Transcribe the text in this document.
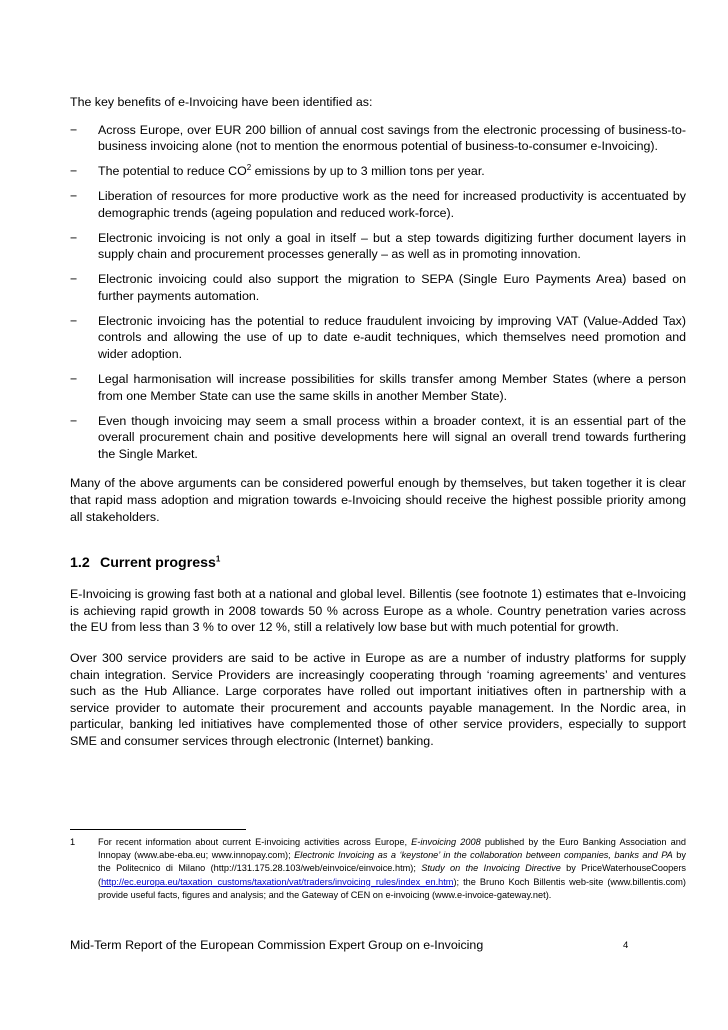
The key benefits of e-Invoicing have been identified as:

− Across Europe, over EUR 200 billion of annual cost savings from the electronic processing of business-to-business invoicing alone (not to mention the enormous potential of business-to-consumer e-Invoicing).
− The potential to reduce $CO^2$ emissions by up to 3 million tons per year.
− Liberation of resources for more productive work as the need for increased productivity is accentuated by demographic trends (ageing population and reduced work-force).
− Electronic invoicing is not only a goal in itself – but a step towards digitizing further document layers in supply chain and procurement processes generally – as well as in promoting innovation.
− Electronic invoicing could also support the migration to SEPA (Single Euro Payments Area) based on further payments automation.
− Electronic invoicing has the potential to reduce fraudulent invoicing by improving VAT (Value-Added Tax) controls and allowing the use of up to date e-audit techniques, which themselves need promotion and wider adoption.
− Legal harmonisation will increase possibilities for skills transfer among Member States (where a person from one Member State can use the same skills in another Member State).
− Even though invoicing may seem a small process within a broader context, it is an essential part of the overall procurement chain and positive developments here will signal an overall trend towards furthering the Single Market.

Many of the above arguments can be considered powerful enough by themselves, but taken together it is clear that rapid mass adoption and migration towards e-Invoicing should receive the highest possible priority among all stakeholders.

1.2 Current progress$^1$

E-Invoicing is growing fast both at a national and global level. Billentis (see footnote 1) estimates that e-Invoicing is achieving rapid growth in 2008 towards 50 % across Europe as a whole. Country penetration varies across the EU from less than 3 % to over 12 %, still a relatively low base but with much potential for growth.

Over 300 service providers are said to be active in Europe as are a number of industry platforms for supply chain integration. Service Providers are increasingly cooperating through ‘roaming agreements’ and ventures such as the Hub Alliance. Large corporates have rolled out important initiatives often in partnership with a service provider to automate their procurement and accounts payable management. In the Nordic area, in particular, banking led initiatives have complemented those of other service providers, especially to support SME and consumer services through electronic (Internet) banking.

1 For recent information about current E-invoicing activities across Europe, E-invoicing 2008 published by the Euro Banking Association and Innopay (www.abe-eba.eu; www.innopay.com); Electronic Invoicing as a ‘keystone’ in the collaboration between companies, banks and PA by the Politecnico di Milano (http://131.175.28.103/web/einvoice/einvoice.htm); Study on the Invoicing Directive by PriceWaterhouseCoopers (http://ec.europa.eu/taxation_customs/taxation/vat/traders/invoicing_rules/index_en.htm); the Bruno Koch Billentis web-site (www.billentis.com) provide useful facts, figures and analysis; and the Gateway of CEN on e-invoicing (www.e-invoice-gateway.net).
Mid-Term Report of the European Commission Expert Group on e-Invoicing	4
